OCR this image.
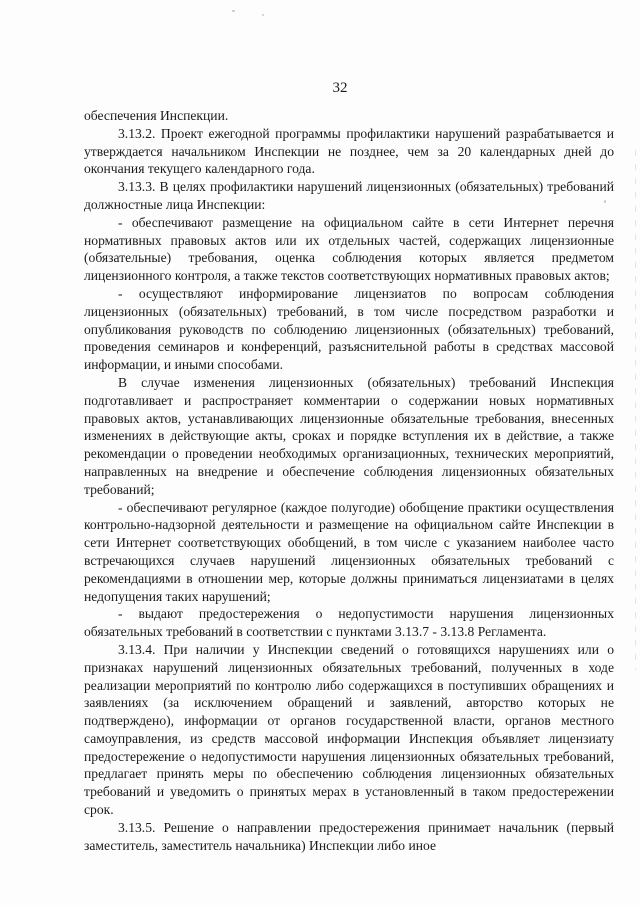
32

обеспечения Инспекции.

3.13.2. Проект ежегодной программы профилактики нарушений разрабатывается и утверждается начальником Инспекции не позднее, чем за 20 календарных дней до окончания текущего календарного года.

3.13.3. В целях профилактики нарушений лицензионных (обязательных) требований должностные лица Инспекции:

- обеспечивают размещение на официальном сайте в сети Интернет перечня нормативных правовых актов или их отдельных частей, содержащих лицензионные (обязательные) требования, оценка соблюдения которых является предметом лицензионного контроля, а также текстов соответствующих нормативных правовых актов;

- осуществляют информирование лицензиатов по вопросам соблюдения лицензионных (обязательных) требований, в том числе посредством разработки и опубликования руководств по соблюдению лицензионных (обязательных) требований, проведения семинаров и конференций, разъяснительной работы в средствах массовой информации, и иными способами.

В случае изменения лицензионных (обязательных) требований Инспекция подготавливает и распространяет комментарии о содержании новых нормативных правовых актов, устанавливающих лицензионные обязательные требования, внесенных изменениях в действующие акты, сроках и порядке вступления их в действие, а также рекомендации о проведении необходимых организационных, технических мероприятий, направленных на внедрение и обеспечение соблюдения лицензионных обязательных требований;

- обеспечивают регулярное (каждое полугодие) обобщение практики осуществления контрольно-надзорной деятельности и размещение на официальном сайте Инспекции в сети Интернет соответствующих обобщений, в том числе с указанием наиболее часто встречающихся случаев нарушений лицензионных обязательных требований с рекомендациями в отношении мер, которые должны приниматься лицензиатами в целях недопущения таких нарушений;

- выдают предостережения о недопустимости нарушения лицензионных обязательных требований в соответствии с пунктами 3.13.7 - 3.13.8 Регламента.

3.13.4. При наличии у Инспекции сведений о готовящихся нарушениях или о признаках нарушений лицензионных обязательных требований, полученных в ходе реализации мероприятий по контролю либо содержащихся в поступивших обращениях и заявлениях (за исключением обращений и заявлений, авторство которых не подтверждено), информации от органов государственной власти, органов местного самоуправления, из средств массовой информации Инспекция объявляет лицензиату предостережение о недопустимости нарушения лицензионных обязательных требований, предлагает принять меры по обеспечению соблюдения лицензионных обязательных требований и уведомить о принятых мерах в установленный в таком предостережении срок.

3.13.5. Решение о направлении предостережения принимает начальник (первый заместитель, заместитель начальника) Инспекции либо иное
